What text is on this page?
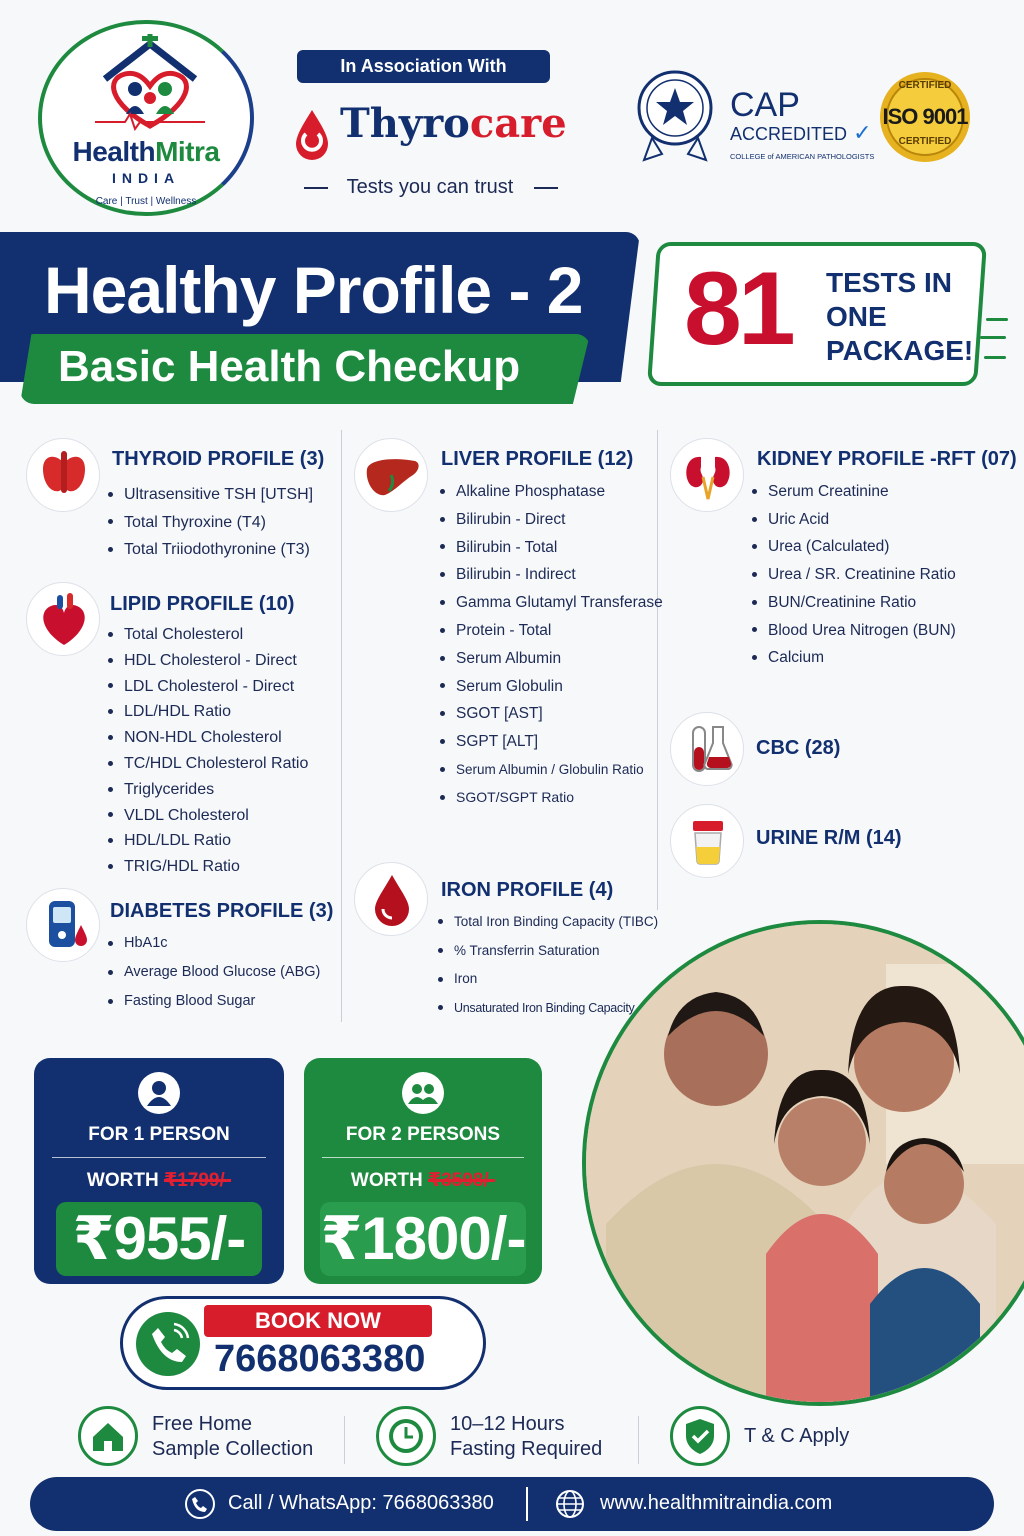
HealthMitra
INDIA
Care | Trust | Wellness
In Association With
Thyrocare
Tests you can trust
CAP
ACCREDITED ✓
COLLEGE of AMERICAN PATHOLOGISTS
CERTIFIED
ISO 9001
CERTIFIED
Healthy Profile - 2
Basic Health Checkup 81 TESTS IN
ONE
PACKAGE!
THYROID PROFILE (3)
Ultrasensitive TSH [UTSH]
Total Thyroxine (T4)
Total Triiodothyronine (T3)
LIPID PROFILE (10)
Total Cholesterol
HDL Cholesterol - Direct
LDL Cholesterol - Direct
LDL/HDL Ratio
NON-HDL Cholesterol
TC/HDL Cholesterol Ratio
Triglycerides
VLDL Cholesterol
HDL/LDL Ratio
TRIG/HDL Ratio
DIABETES PROFILE (3)
HbA1c
Average Blood Glucose (ABG)
Fasting Blood Sugar
LIVER PROFILE (12)
Alkaline Phosphatase
Bilirubin - Direct
Bilirubin - Total
Bilirubin - Indirect
Gamma Glutamyl Transferase
Protein - Total
Serum Albumin
Serum Globulin
SGOT [AST]
SGPT [ALT]
Serum Albumin / Globulin Ratio
SGOT/SGPT Ratio
IRON PROFILE (4)
Total Iron Binding Capacity (TIBC)
% Transferrin Saturation
Iron
Unsaturated Iron Binding Capacity
KIDNEY PROFILE -RFT (07)
Serum Creatinine
Uric Acid
Urea (Calculated)
Urea / SR. Creatinine Ratio
BUN/Creatinine Ratio
Blood Urea Nitrogen (BUN)
Calcium
CBC (28)
URINE R/M (14)
FOR 1 PERSON
WORTH ₹1799/-
₹955/-
FOR 2 PERSONS
WORTH ₹3598/-
₹1800/-
BOOK NOW
7668063380
Free Home
Sample Collection
10–12 Hours
Fasting Required
T & C Apply
Call / WhatsApp: 7668063380	www.healthmitraindia.com
